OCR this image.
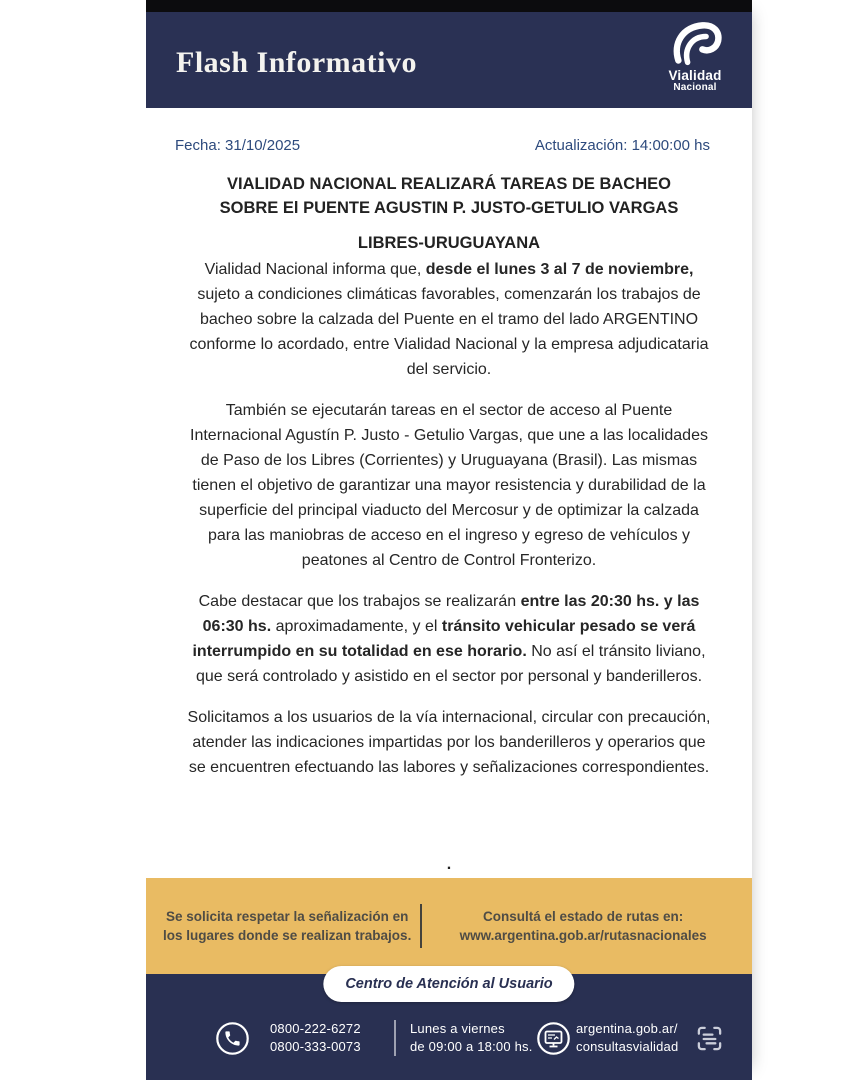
Flash Informativo	Vialidad
Nacional
Fecha: 31/10/2025	Actualización: 14:00:00 hs
VIALIDAD NACIONAL REALIZARÁ TAREAS DE BACHEO
SOBRE El PUENTE AGUSTIN P. JUSTO-GETULIO VARGAS
LIBRES-URUGUAYANA

Vialidad Nacional informa que, desde el lunes 3 al 7 de noviembre, sujeto a condiciones climáticas favorables, comenzarán los trabajos de bacheo sobre la calzada del Puente en el tramo del lado ARGENTINO conforme lo acordado, entre Vialidad Nacional y la empresa adjudicataria del servicio.

También se ejecutarán tareas en el sector de acceso al Puente Internacional Agustín P. Justo - Getulio Vargas, que une a las localidades de Paso de los Libres (Corrientes) y Uruguayana (Brasil). Las mismas tienen el objetivo de garantizar una mayor resistencia y durabilidad de la superficie del principal viaducto del Mercosur y de optimizar la calzada para las maniobras de acceso en el ingreso y egreso de vehículos y peatones al Centro de Control Fronterizo.

Cabe destacar que los trabajos se realizarán entre las 20:30 hs. y las 06:30 hs. aproximadamente, y el tránsito vehicular pesado se verá interrumpido en su totalidad en ese horario. No así el tránsito liviano, que será controlado y asistido en el sector por personal y banderilleros.

Solicitamos a los usuarios de la vía internacional, circular con precaución, atender las indicaciones impartidas por los banderilleros y operarios que se encuentren efectuando las labores y señalizaciones correspondientes.

.
Se solicita respetar la señalización en
los lugares donde se realizan trabajos.
Consultá el estado de rutas en:
www.argentina.gob.ar/rutasnacionales
Centro de Atención al Usuario
0800-222-6272
0800-333-0073
Lunes a viernes
de 09:00 a 18:00 hs.
argentina.gob.ar/
consultasvialidad
